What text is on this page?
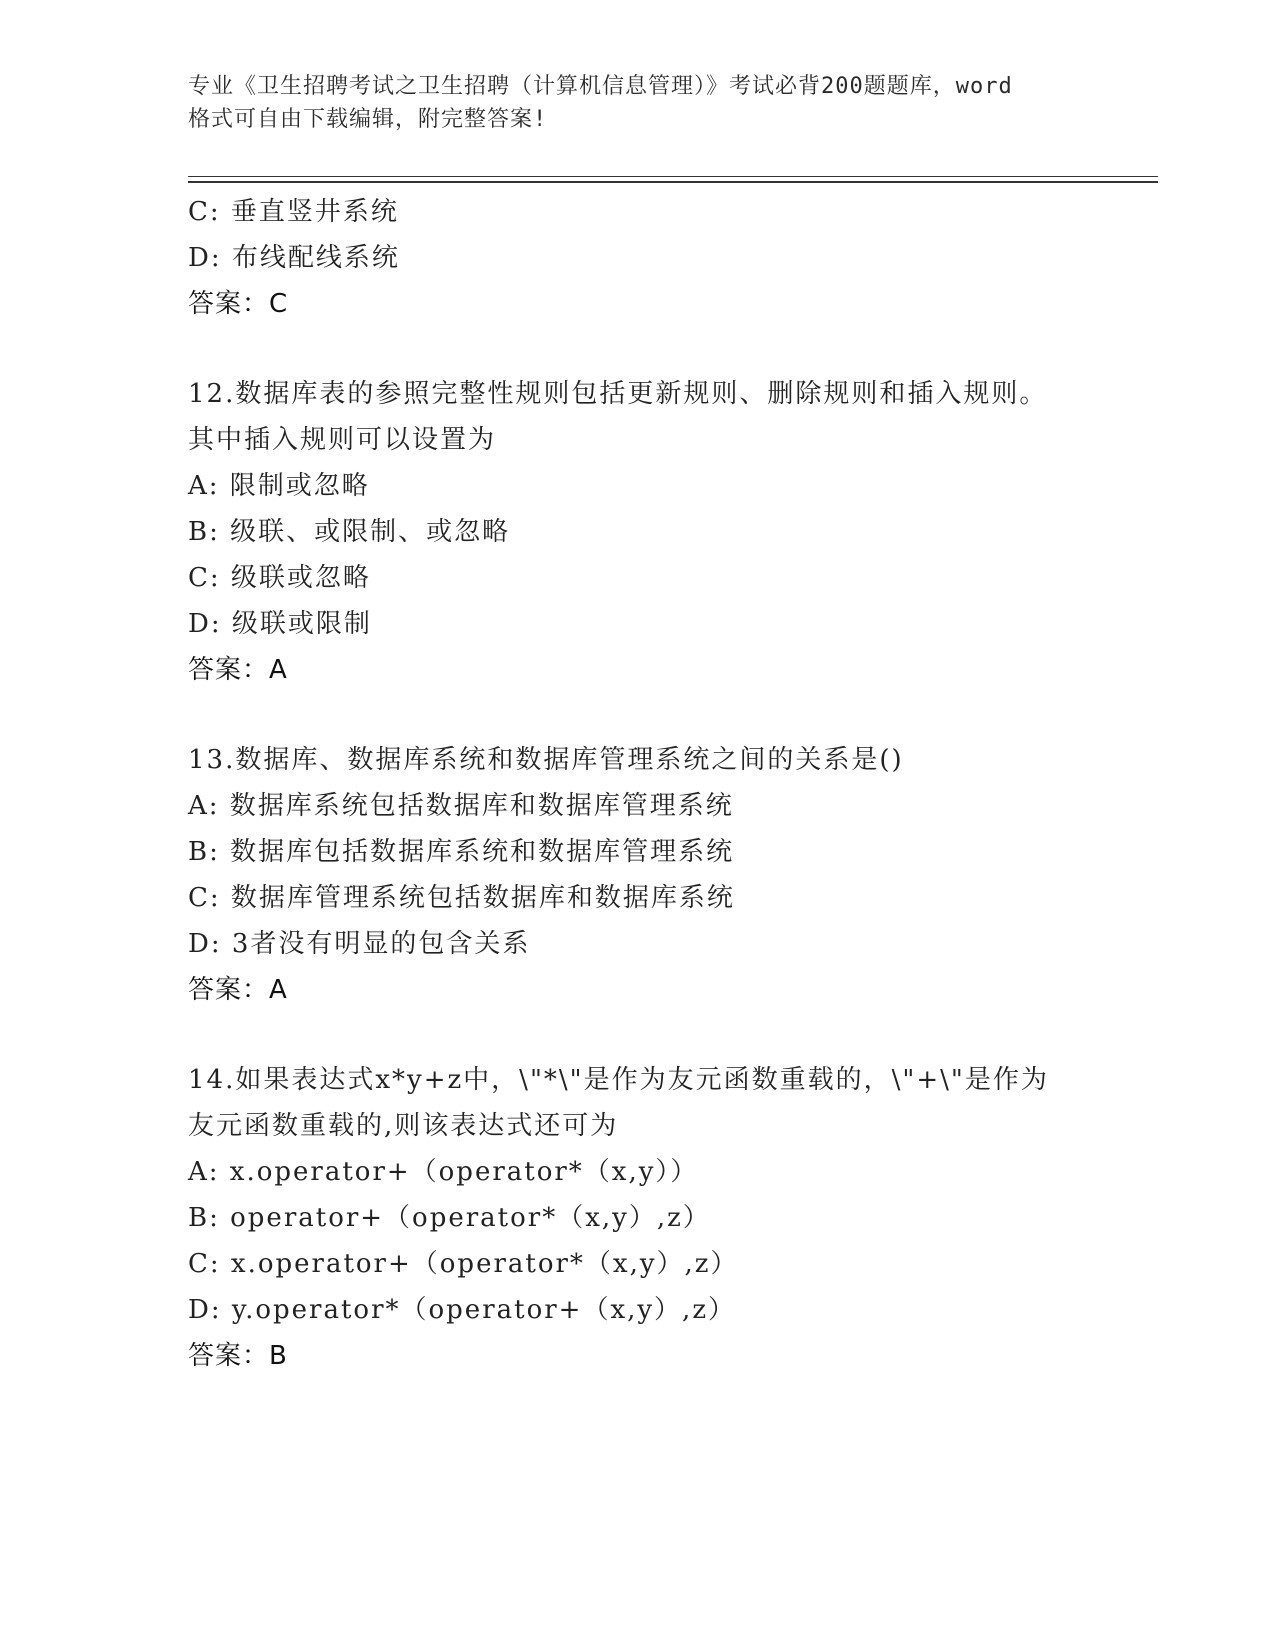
专业《卫生招聘考试之卫生招聘（计算机信息管理）》考试必背200题题库，word
格式可自由下载编辑，附完整答案!
C: 垂直竖井系统
D: 布线配线系统
答案：C
12.数据库表的参照完整性规则包括更新规则、删除规则和插入规则。
其中插入规则可以设置为
A: 限制或忽略
B: 级联、或限制、或忽略
C: 级联或忽略
D: 级联或限制
答案：A
13.数据库、数据库系统和数据库管理系统之间的关系是()
A: 数据库系统包括数据库和数据库管理系统
B: 数据库包括数据库系统和数据库管理系统
C: 数据库管理系统包括数据库和数据库系统
D: 3者没有明显的包含关系
答案：A
14.如果表达式x*y+z中，\"*\"是作为友元函数重载的，\"+\"是作为
友元函数重载的,则该表达式还可为
A: x.operator+（operator*（x,y））
B: operator+（operator*（x,y）,z）
C: x.operator+（operator*（x,y）,z）
D: y.operator*（operator+（x,y）,z）
答案：B
